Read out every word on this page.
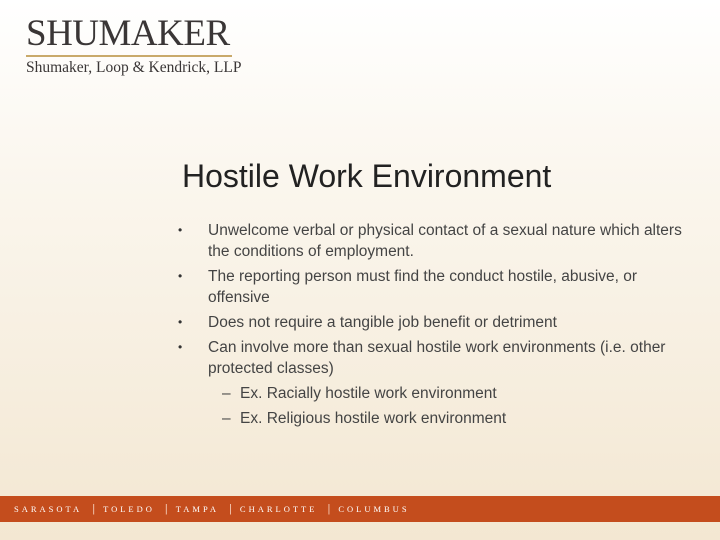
SHUMAKER
Shumaker, Loop & Kendrick, LLP
Hostile Work Environment
• Unwelcome verbal or physical contact of a sexual nature which alters the conditions of employment.
• The reporting person must find the conduct hostile, abusive, or offensive
• Does not require a tangible job benefit or detriment
• Can involve more than sexual hostile work environments (i.e. other protected classes)
– Ex. Racially hostile work environment
– Ex. Religious hostile work environment
SARASOTA | TOLEDO | TAMPA | CHARLOTTE | COLUMBUS
